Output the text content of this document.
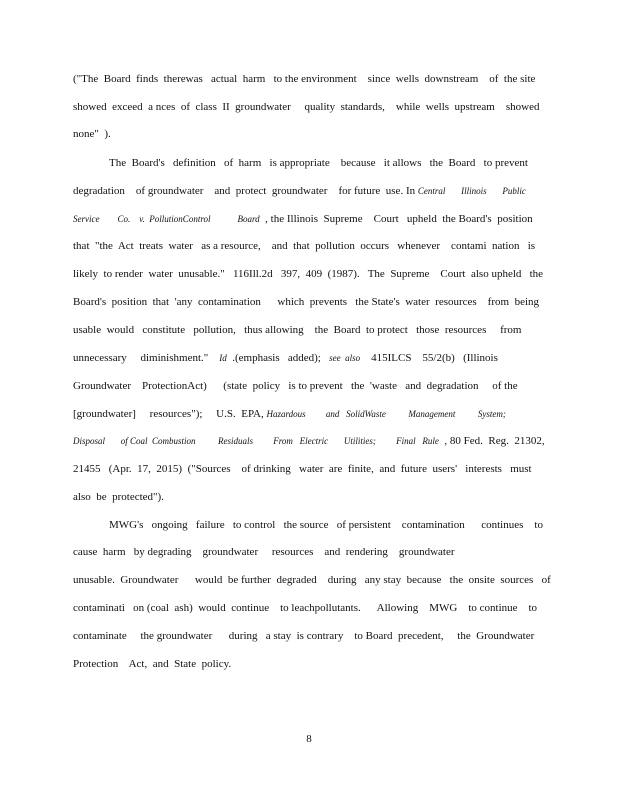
("The  Board  finds  therewas   actual  harm   to the environment    since  wells  downstream    of  the site
showed  exceed  a nces  of  class  II  groundwater     quality  standards,    while  wells  upstream    showed
none"  ).
The  Board's   definition   of  harm   is appropriate    because   it allows   the  Board   to prevent
degradation    of groundwater    and  protect  groundwater    for future  use. In Central       Illinois       Public
Service        Co.    v.  PollutionControl            Board  , the Illinois  Supreme    Court   upheld  the Board's  position
that  "the  Act  treats  water   as a resource,    and  that  pollution  occurs   whenever    contami  nation   is
likely  to render  water  unusable."   116Ill.2d   397,  409  (1987).   The  Supreme    Court  also upheld   the
Board's  position  that  'any  contamination      which  prevents   the State's  water  resources    from  being
usable  would   constitute   pollution,   thus allowing    the  Board  to protect   those  resources     from
unnecessary     diminishment."    Id  .(emphasis   added);   see  also    415ILCS    55/2(b)   (Illinois
Groundwater    ProtectionAct)      (state  policy   is to prevent   the  'waste   and  degradation     of the
[groundwater]     resources");     U.S.  EPA, Hazardous         and   SolidWaste          Management          System;
Disposal       of Coal  Combustion          Residuals         From   Electric       Utilities;         Final   Rule  , 80 Fed.  Reg.  21302,
21455   (Apr.  17,  2015)  ("Sources    of drinking   water  are  finite,  and  future  users'   interests   must
also  be  protected").
MWG's   ongoing   failure   to control   the source   of persistent    contamination      continues    to
cause  harm   by degrading    groundwater     resources    and  rendering    groundwater
unusable.  Groundwater      would  be further  degraded    during   any stay  because   the  onsite  sources   of
contaminati   on (coal  ash)  would  continue    to leachpollutants.      Allowing    MWG    to continue    to
contaminate     the groundwater      during   a stay  is contrary    to Board  precedent,     the  Groundwater
Protection    Act,  and  State  policy.
8
